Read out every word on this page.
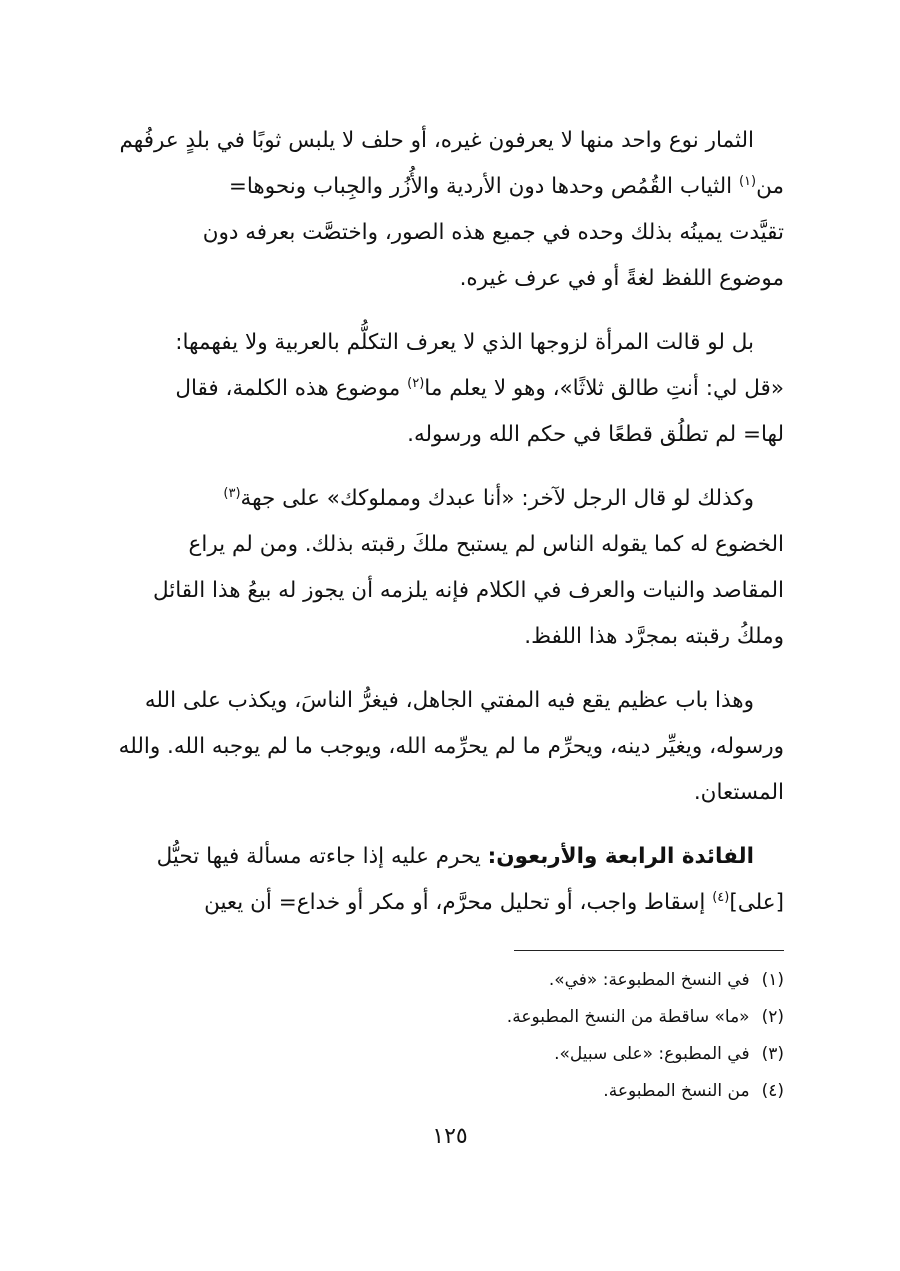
الثمار نوع واحد منها لا يعرفون غيره، أو حلف لا يلبس ثوبًا في بلدٍ عرفُهم

من$^{(١)}$ الثياب القُمُص وحدها دون الأردية والأُزُر والجِباب ونحوها=

تقيَّدت يمينُه بذلك وحده في جميع هذه الصور، واختصَّت بعرفه دون

موضوع اللفظ لغةً أو في عرف غيره.

بل لو قالت المرأة لزوجها الذي لا يعرف التكلُّم بالعربية ولا يفهمها:

«قل لي: أنتِ طالق ثلاثًا»، وهو لا يعلم ما$^{(٢)}$ موضوع هذه الكلمة، فقال

لها= لم تطلُق قطعًا في حكم الله ورسوله.

وكذلك لو قال الرجل لآخر: «أنا عبدك ومملوكك» على جهة$^{(٣)}$

الخضوع له كما يقوله الناس لم يستبح ملكَ رقبته بذلك. ومن لم يراع

المقاصد والنيات والعرف في الكلام فإنه يلزمه أن يجوز له بيعُ هذا القائل

وملكُ رقبته بمجرَّد هذا اللفظ.

وهذا باب عظيم يقع فيه المفتي الجاهل، فيغرُّ الناسَ، ويكذب على الله

ورسوله، ويغيِّر دينه، ويحرِّم ما لم يحرِّمه الله، ويوجب ما لم يوجبه الله. والله

المستعان.

الفائدة الرابعة والأربعون: يحرم عليه إذا جاءته مسألة فيها تحيُّل

[على]$^{(٤)}$ إسقاط واجب، أو تحليل محرَّم، أو مكر أو خداع= أن يعين

(١)في النسخ المطبوعة: «في».
(٢)«ما» ساقطة من النسخ المطبوعة.
(٣)في المطبوع: «على سبيل».
(٤)من النسخ المطبوعة.
١٢٥
